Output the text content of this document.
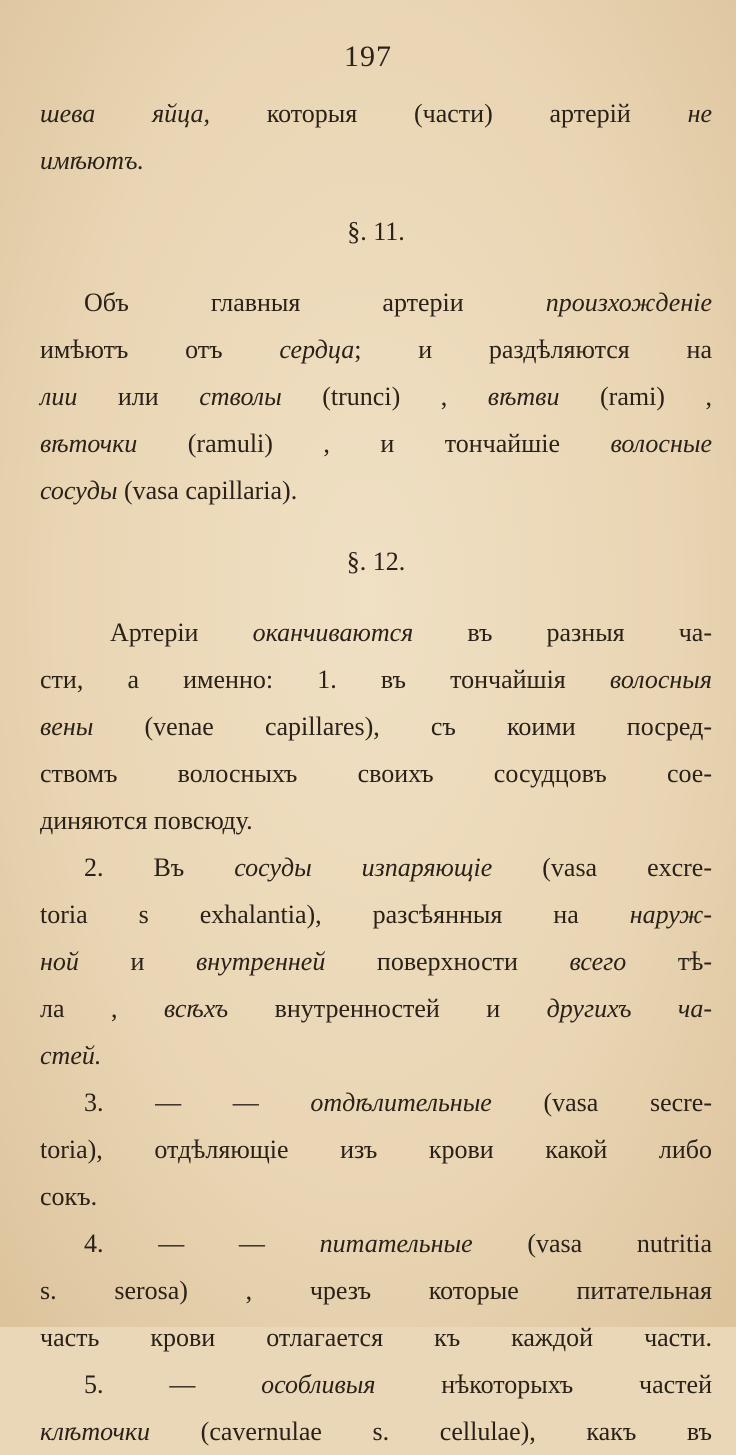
197
шева яйца, которыя (части) артерій не
имѣютъ.
§. 11.
Объ главныя артеріи произхожденіе
имѣютъ отъ сердца; и раздѣляются на
лии или стволы (trunci) , вѣтви (rami) ,
вѣточки (ramuli) , и тончайшіе волосные
сосуды (vasa capillaria).
§. 12.
Артеріи оканчиваются въ разныя ча-
сти, а именно: 1. въ тончайшія волосныя
вены (venae capillares), съ коими посред-
ствомъ волосныхъ своихъ сосудцовъ сое-
диняются повсюду.
2. Въ сосуды изпаряющіе (vasa excre-
toria s exhalantia), разсѣянныя на наруж-
ной и внутренней поверхности всего тѣ-
ла , всѣхъ внутренностей и другихъ ча-
стей.
3. — — отдѣлительные (vasa secre-
toria), отдѣляющіе изъ крови какой либо
сокъ.
4. — — питательные (vasa nutritia
s. serosa) , чрезъ которые питательная
часть крови отлагается къ каждой части.
5. — особливыя нѣкоторыхъ частей
клѣточки (cavernulae s. cellulae), какъ въ
